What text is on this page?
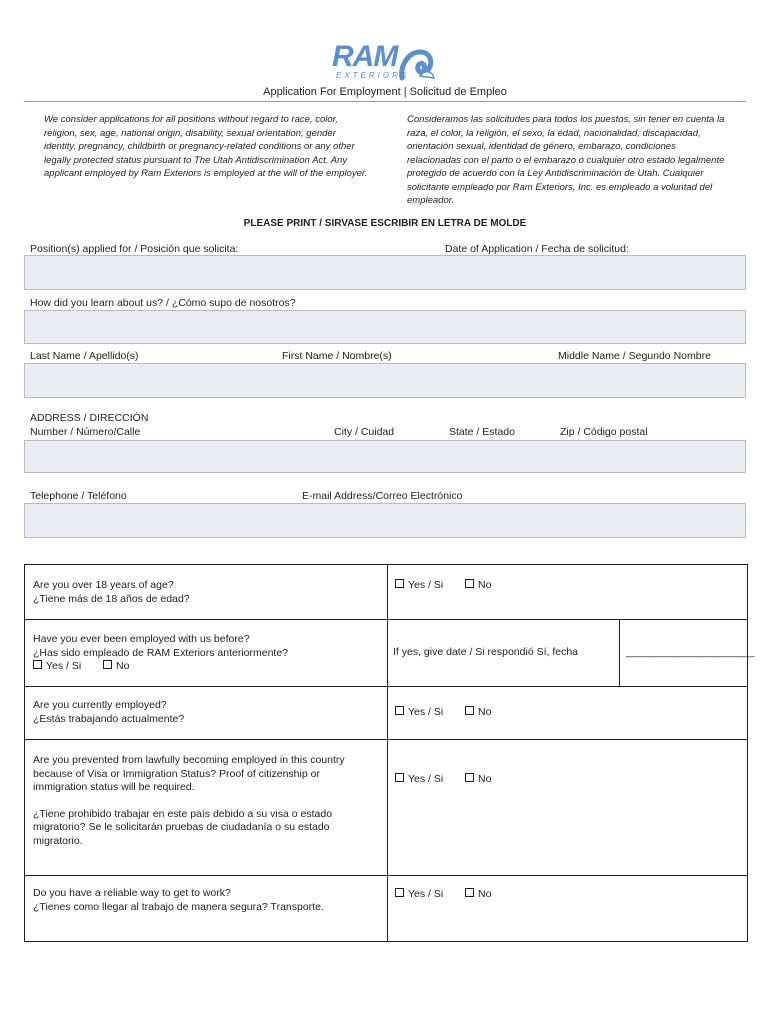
RAM
EXTERIORS
Application For Employment | Solicitud de Empleo
We consider applications for all positions without regard to race, color, religion, sex, age, national origin, disability, sexual orientation, gender identity, pregnancy, childbirth or pregnancy-related conditions or any other legally protected status pursuant to The Utah Antidiscrimination Act. Any applicant employed by Ram Exteriors is employed at the will of the employer.
Consideramos las solicitudes para todos los puestos, sin tener en cuenta la raza, el color, la religión, el sexo, la edad, nacionalidad, discapacidad, orientación sexual, identidad de género, embarazo, condiciones relacionadas con el parto o el embarazo o cualquier otro estado legalmente protegido de acuerdo con la Ley Antidiscriminación de Utah. Cualquier solicitante empleado por Ram Exteriors, Inc. es empleado a voluntad del empleador.
PLEASE PRINT / SIRVASE ESCRIBIR EN LETRA DE MOLDE
Position(s) applied for / Posición que solicita:	Date of Application / Fecha de solicitud:
How did you learn about us? / ¿Cómo supo de nosotros?
Last Name / Apellido(s)	First Name / Nombre(s)	Middle Name / Segundo Nombre
ADDRESS / DIRECCIÓN
Number / Número/Calle	City / Cuidad	State / Estado	Zip / Código postal
Telephone / Teléfono	E-mail Address/Correo Electrónico
Are you over 18 years of age?
¿Tiene más de 18 años de edad?
Yes / Si	No
Have you ever been employed with us before?
¿Has sido empleado de RAM Exteriors anteriormente?
Yes / Si	No
If yes, give date / Si respondió Sí, fecha	______________________
Are you currently employed?
¿Estás trabajando actualmente?
Yes / Si	No
Are you prevented from lawfully becoming employed in this country because of Visa or Immigration Status? Proof of citizenship or immigration status will be required.
¿Tiene prohibido trabajar en este país debido a su visa o estado migratorio? Se le solicitarán pruebas de ciudadanía o su estado migratorio.
Yes / Si	No
Do you have a reliable way to get to work?
¿Tienes como llegar al trabajo de manera segura? Transporte.
Yes / Si	No
